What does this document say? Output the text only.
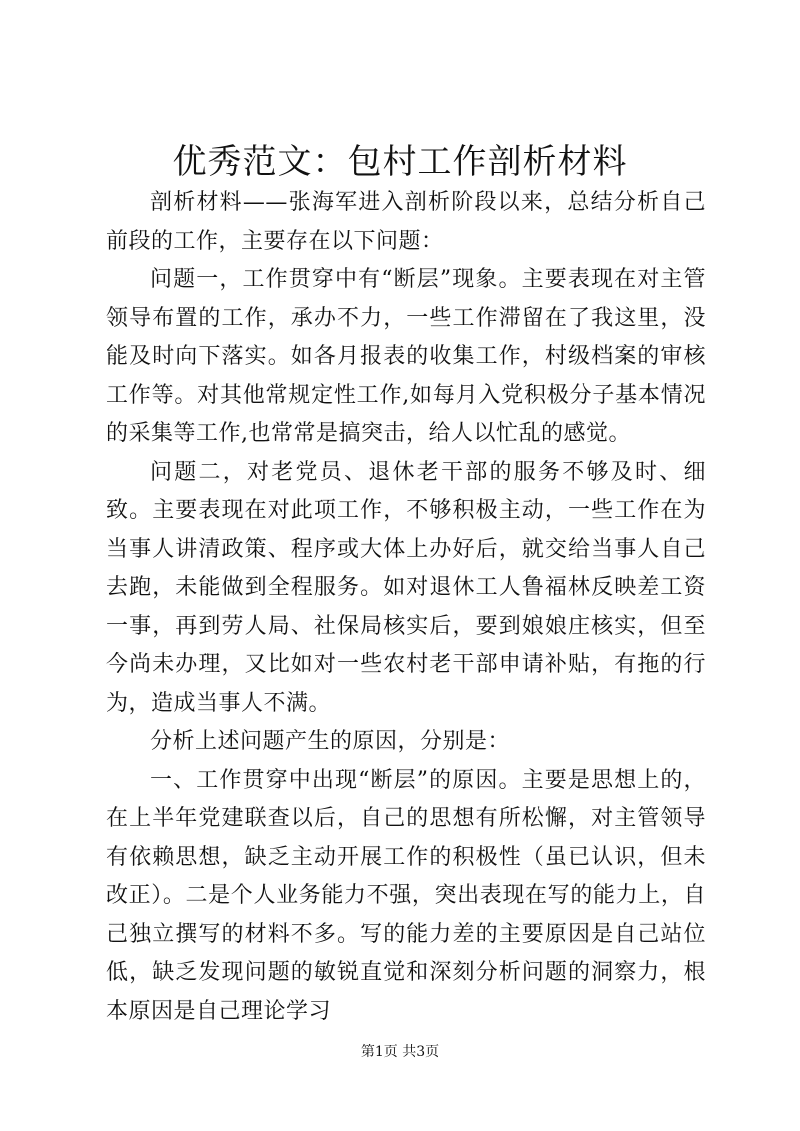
优秀范文：包村工作剖析材料

剖析材料——张海军进入剖析阶段以来，总结分析自己前段的工作，主要存在以下问题：

问题一，工作贯穿中有“断层”现象。主要表现在对主管领导布置的工作，承办不力，一些工作滞留在了我这里，没能及时向下落实。如各月报表的收集工作，村级档案的审核工作等。对其他常规定性工作,如每月入党积极分子基本情况的采集等工作,也常常是搞突击，给人以忙乱的感觉。

问题二，对老党员、退休老干部的服务不够及时、细致。主要表现在对此项工作，不够积极主动，一些工作在为当事人讲清政策、程序或大体上办好后，就交给当事人自己去跑，未能做到全程服务。如对退休工人鲁福林反映差工资一事，再到劳人局、社保局核实后，要到娘娘庄核实，但至今尚未办理，又比如对一些农村老干部申请补贴，有拖的行为，造成当事人不满。

分析上述问题产生的原因，分别是：

一、工作贯穿中出现“断层”的原因。主要是思想上的，在上半年党建联查以后，自己的思想有所松懈，对主管领导有依赖思想，缺乏主动开展工作的积极性（虽已认识，但未改正）。二是个人业务能力不强，突出表现在写的能力上，自己独立撰写的材料不多。写的能力差的主要原因是自己站位低，缺乏发现问题的敏锐直觉和深刻分析问题的洞察力，根本原因是自己理论学习

第1页 共3页
